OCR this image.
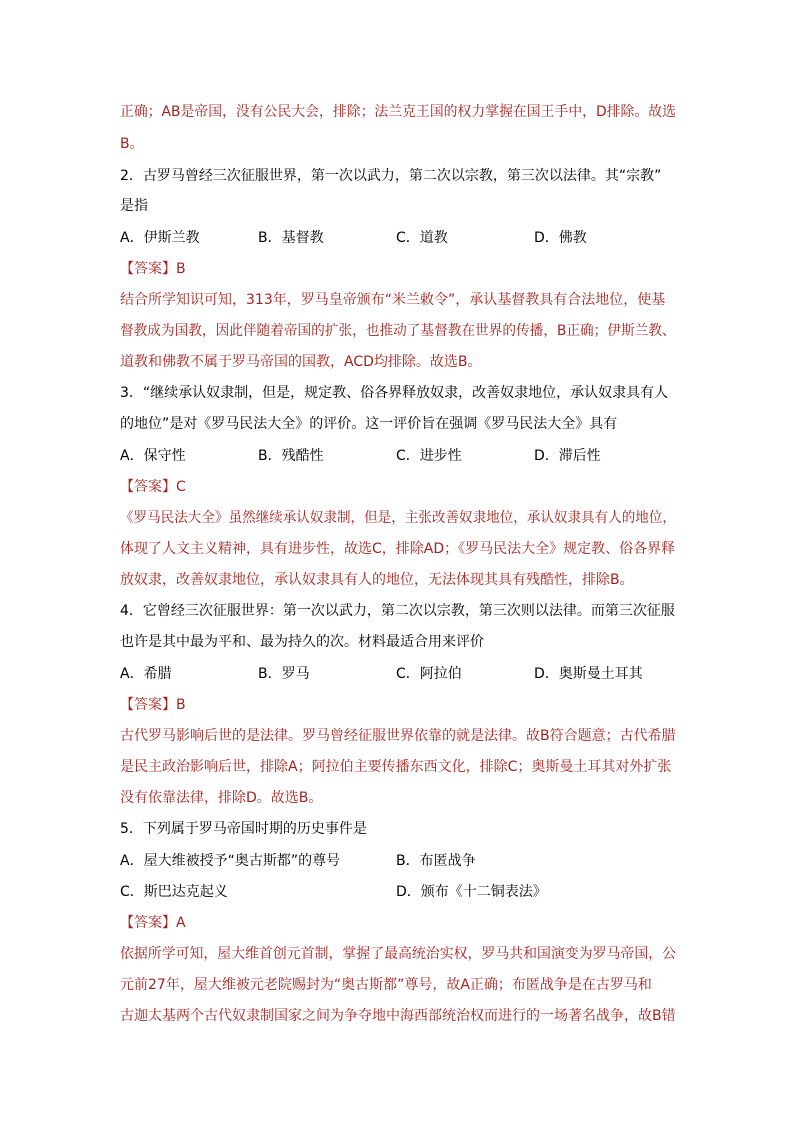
正确；AB是帝国，没有公民大会，排除；法兰克王国的权力掌握在国王手中，D排除。故选
B。
2．古罗马曾经三次征服世界，第一次以武力，第二次以宗教，第三次以法律。其“宗教”
是指
A．伊斯兰教	B．基督教	C．道教	D．佛教
【答案】B
结合所学知识可知，313年，罗马皇帝颁布“米兰敕令”，承认基督教具有合法地位，使基
督教成为国教，因此伴随着帝国的扩张，也推动了基督教在世界的传播，B正确；伊斯兰教、
道教和佛教不属于罗马帝国的国教，ACD均排除。故选B。
3．“继续承认奴隶制，但是，规定教、俗各界释放奴隶，改善奴隶地位，承认奴隶具有人
的地位”是对《罗马民法大全》的评价。这一评价旨在强调《罗马民法大全》具有
A．保守性	B．残酷性	C．进步性	D．滞后性
【答案】C
《罗马民法大全》虽然继续承认奴隶制，但是，主张改善奴隶地位，承认奴隶具有人的地位，
体现了人文主义精神，具有进步性，故选C，排除AD；《罗马民法大全》规定教、俗各界释
放奴隶，改善奴隶地位，承认奴隶具有人的地位，无法体现其具有残酷性，排除B。
4．它曾经三次征服世界：第一次以武力，第二次以宗教，第三次则以法律。而第三次征服
也许是其中最为平和、最为持久的次。材料最适合用来评价
A．希腊	B．罗马	C．阿拉伯	D．奥斯曼土耳其
【答案】B
古代罗马影响后世的是法律。罗马曾经征服世界依靠的就是法律。故B符合题意；古代希腊
是民主政治影响后世，排除A；阿拉伯主要传播东西文化，排除C；奥斯曼土耳其对外扩张
没有依靠法律，排除D。故选B。
5．下列属于罗马帝国时期的历史事件是
A．屋大维被授予“奥古斯都”的尊号	B．布匿战争
C．斯巴达克起义	D．颁布《十二铜表法》
【答案】A
依据所学可知，屋大维首创元首制，掌握了最高统治实权，罗马共和国演变为罗马帝国，公
元前27年，屋大维被元老院赐封为“奥古斯都”尊号，故A正确；布匿战争是在古罗马和
古迦太基两个古代奴隶制国家之间为争夺地中海西部统治权而进行的一场著名战争，故B错
